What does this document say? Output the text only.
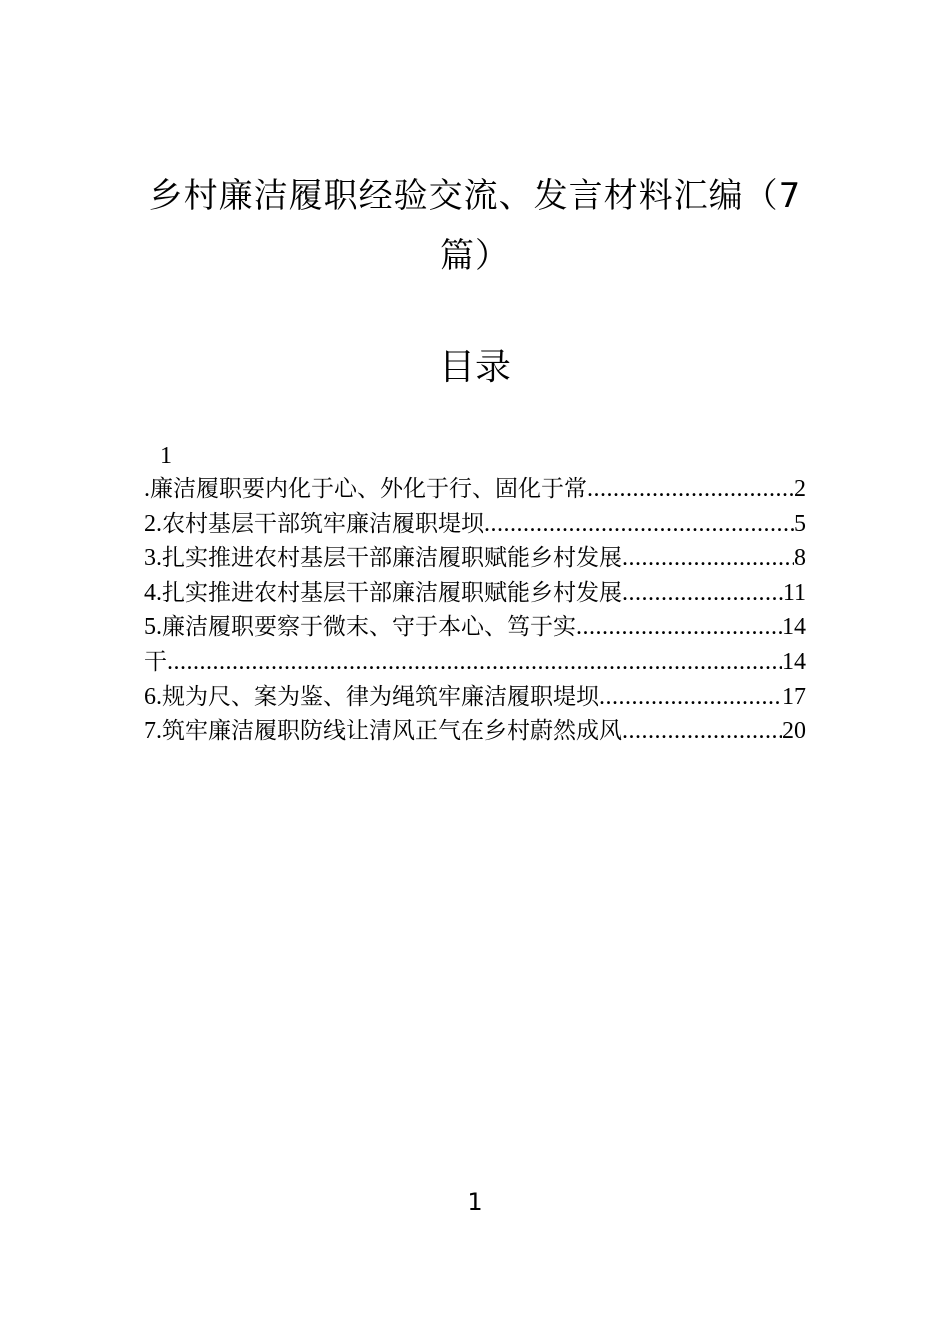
乡村廉洁履职经验交流、发言材料汇编（7篇）
目录
1
. 廉洁履职要内化于心、外化于行、固化于常 .....	2
2. 农村基层干部筑牢廉洁履职堤坝 .....	5
3. 扎实推进农村基层干部廉洁履职赋能乡村发展 .....	8
4. 扎实推进农村基层干部廉洁履职赋能乡村发展 .....	11
5. 廉洁履职要察于微末、守于本心、笃于实 .....	14
干 .....	14
6. 规为尺、案为鉴、律为绳筑牢廉洁履职堤坝 .....	17
7. 筑牢廉洁履职防线让清风正气在乡村蔚然成风 .....	20
1
